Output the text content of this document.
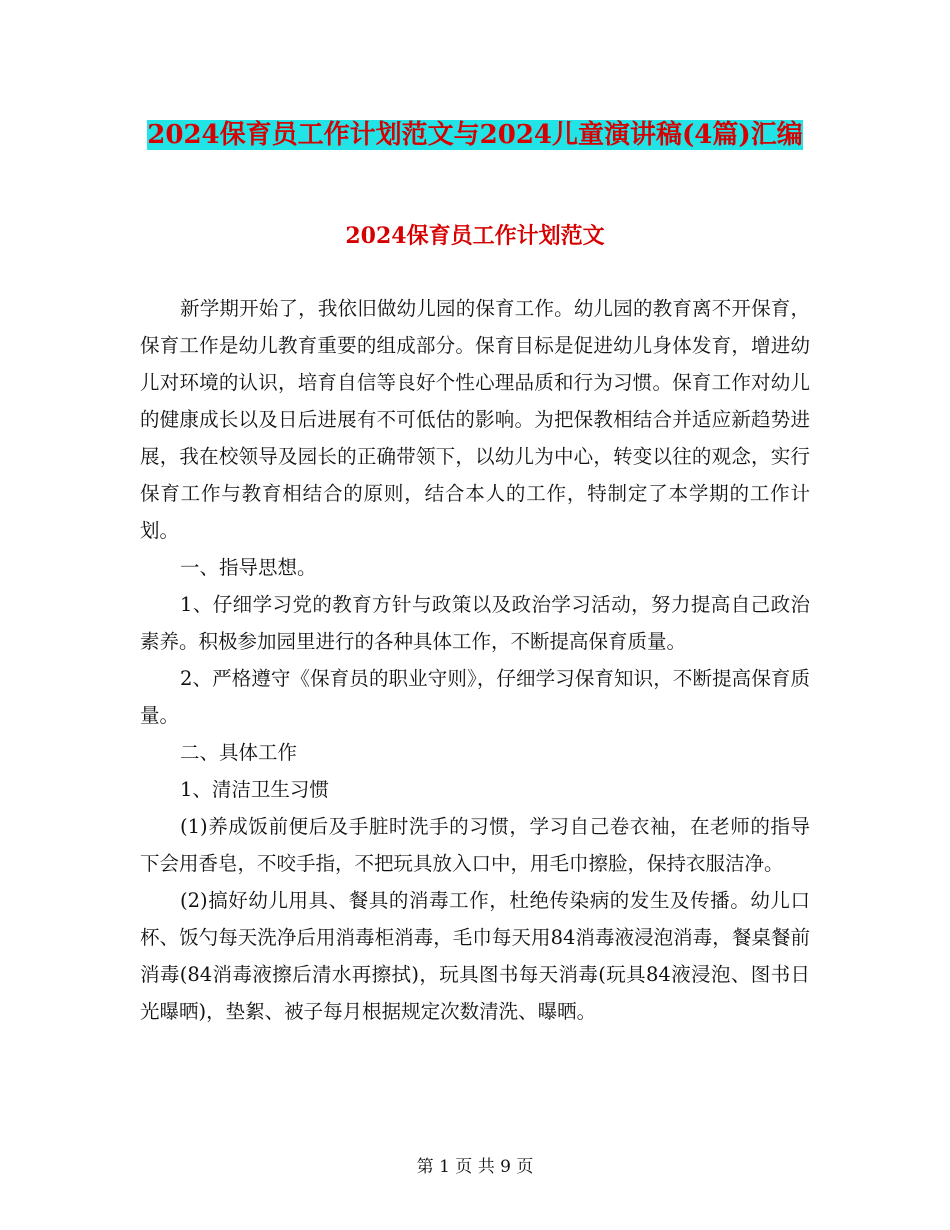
2024保育员工作计划范文与2024儿童演讲稿(4篇)汇编
2024保育员工作计划范文

新学期开始了，我依旧做幼儿园的保育工作。幼儿园的教育离不开保育，保育工作是幼儿教育重要的组成部分。保育目标是促进幼儿身体发育，增进幼儿对环境的认识，培育自信等良好个性心理品质和行为习惯。保育工作对幼儿的健康成长以及日后进展有不可低估的影响。为把保教相结合并适应新趋势进展，我在校领导及园长的正确带领下，以幼儿为中心，转变以往的观念，实行保育工作与教育相结合的原则，结合本人的工作，特制定了本学期的工作计划。

一、指导思想。

1、仔细学习党的教育方针与政策以及政治学习活动，努力提高自己政治素养。积极参加园里进行的各种具体工作，不断提高保育质量。

2、严格遵守《保育员的职业守则》，仔细学习保育知识，不断提高保育质量。

二、具体工作

1、清洁卫生习惯

(1)养成饭前便后及手脏时洗手的习惯，学习自己卷衣袖，在老师的指导下会用香皂，不咬手指，不把玩具放入口中，用毛巾擦脸，保持衣服洁净。

(2)搞好幼儿用具、餐具的消毒工作，杜绝传染病的发生及传播。幼儿口杯、饭勺每天洗净后用消毒柜消毒，毛巾每天用84消毒液浸泡消毒，餐桌餐前消毒(84消毒液擦后清水再擦拭)，玩具图书每天消毒(玩具84液浸泡、图书日光曝晒)，垫絮、被子每月根据规定次数清洗、曝晒。

第 1 页 共 9 页
